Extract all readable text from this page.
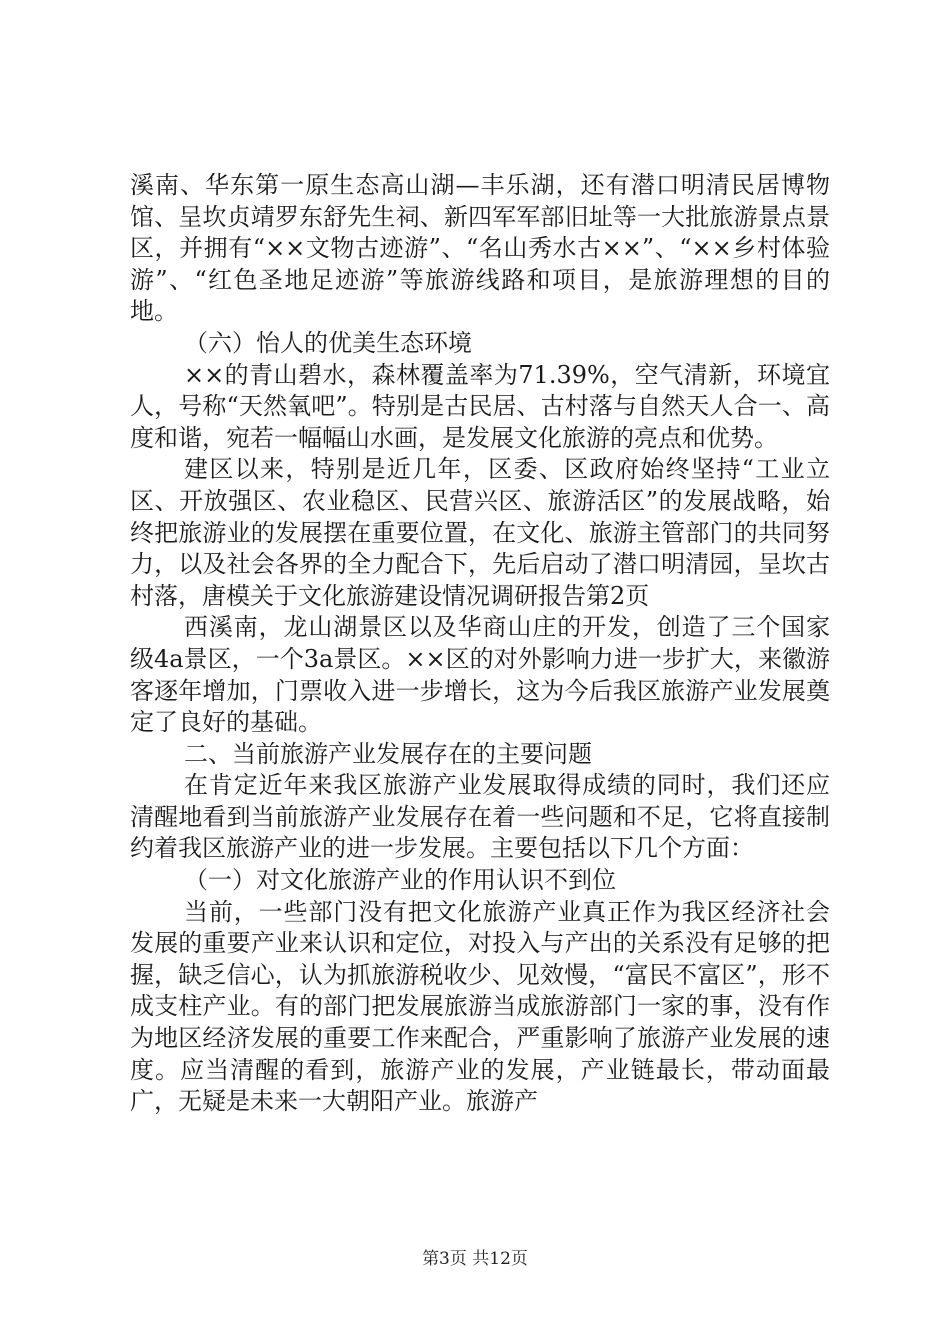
溪南、华东第一原生态高山湖—丰乐湖，还有潜口明清民居博物馆、呈坎贞靖罗东舒先生祠、新四军军部旧址等一大批旅游景点景区，并拥有“××文物古迹游”、“名山秀水古××”、“××乡村体验游”、“红色圣地足迹游”等旅游线路和项目，是旅游理想的目的地。

（六）怡人的优美生态环境

××的青山碧水，森林覆盖率为71.39%，空气清新，环境宜人，号称“天然氧吧”。特别是古民居、古村落与自然天人合一、高度和谐，宛若一幅幅山水画，是发展文化旅游的亮点和优势。

建区以来，特别是近几年，区委、区政府始终坚持“工业立区、开放强区、农业稳区、民营兴区、旅游活区”的发展战略，始终把旅游业的发展摆在重要位置，在文化、旅游主管部门的共同努力，以及社会各界的全力配合下，先后启动了潜口明清园，呈坎古村落，唐模关于文化旅游建设情况调研报告第2页

西溪南，龙山湖景区以及华商山庄的开发，创造了三个国家级4a景区，一个3a景区。××区的对外影响力进一步扩大，来徽游客逐年增加，门票收入进一步增长，这为今后我区旅游产业发展奠定了良好的基础。

二、当前旅游产业发展存在的主要问题

在肯定近年来我区旅游产业发展取得成绩的同时，我们还应清醒地看到当前旅游产业发展存在着一些问题和不足，它将直接制约着我区旅游产业的进一步发展。主要包括以下几个方面：

（一）对文化旅游产业的作用认识不到位

当前，一些部门没有把文化旅游产业真正作为我区经济社会发展的重要产业来认识和定位，对投入与产出的关系没有足够的把握，缺乏信心，认为抓旅游税收少、见效慢，“富民不富区”，形不成支柱产业。有的部门把发展旅游当成旅游部门一家的事，没有作为地区经济发展的重要工作来配合，严重影响了旅游产业发展的速度。应当清醒的看到，旅游产业的发展，产业链最长，带动面最广，无疑是未来一大朝阳产业。旅游产

第3页 共12页
